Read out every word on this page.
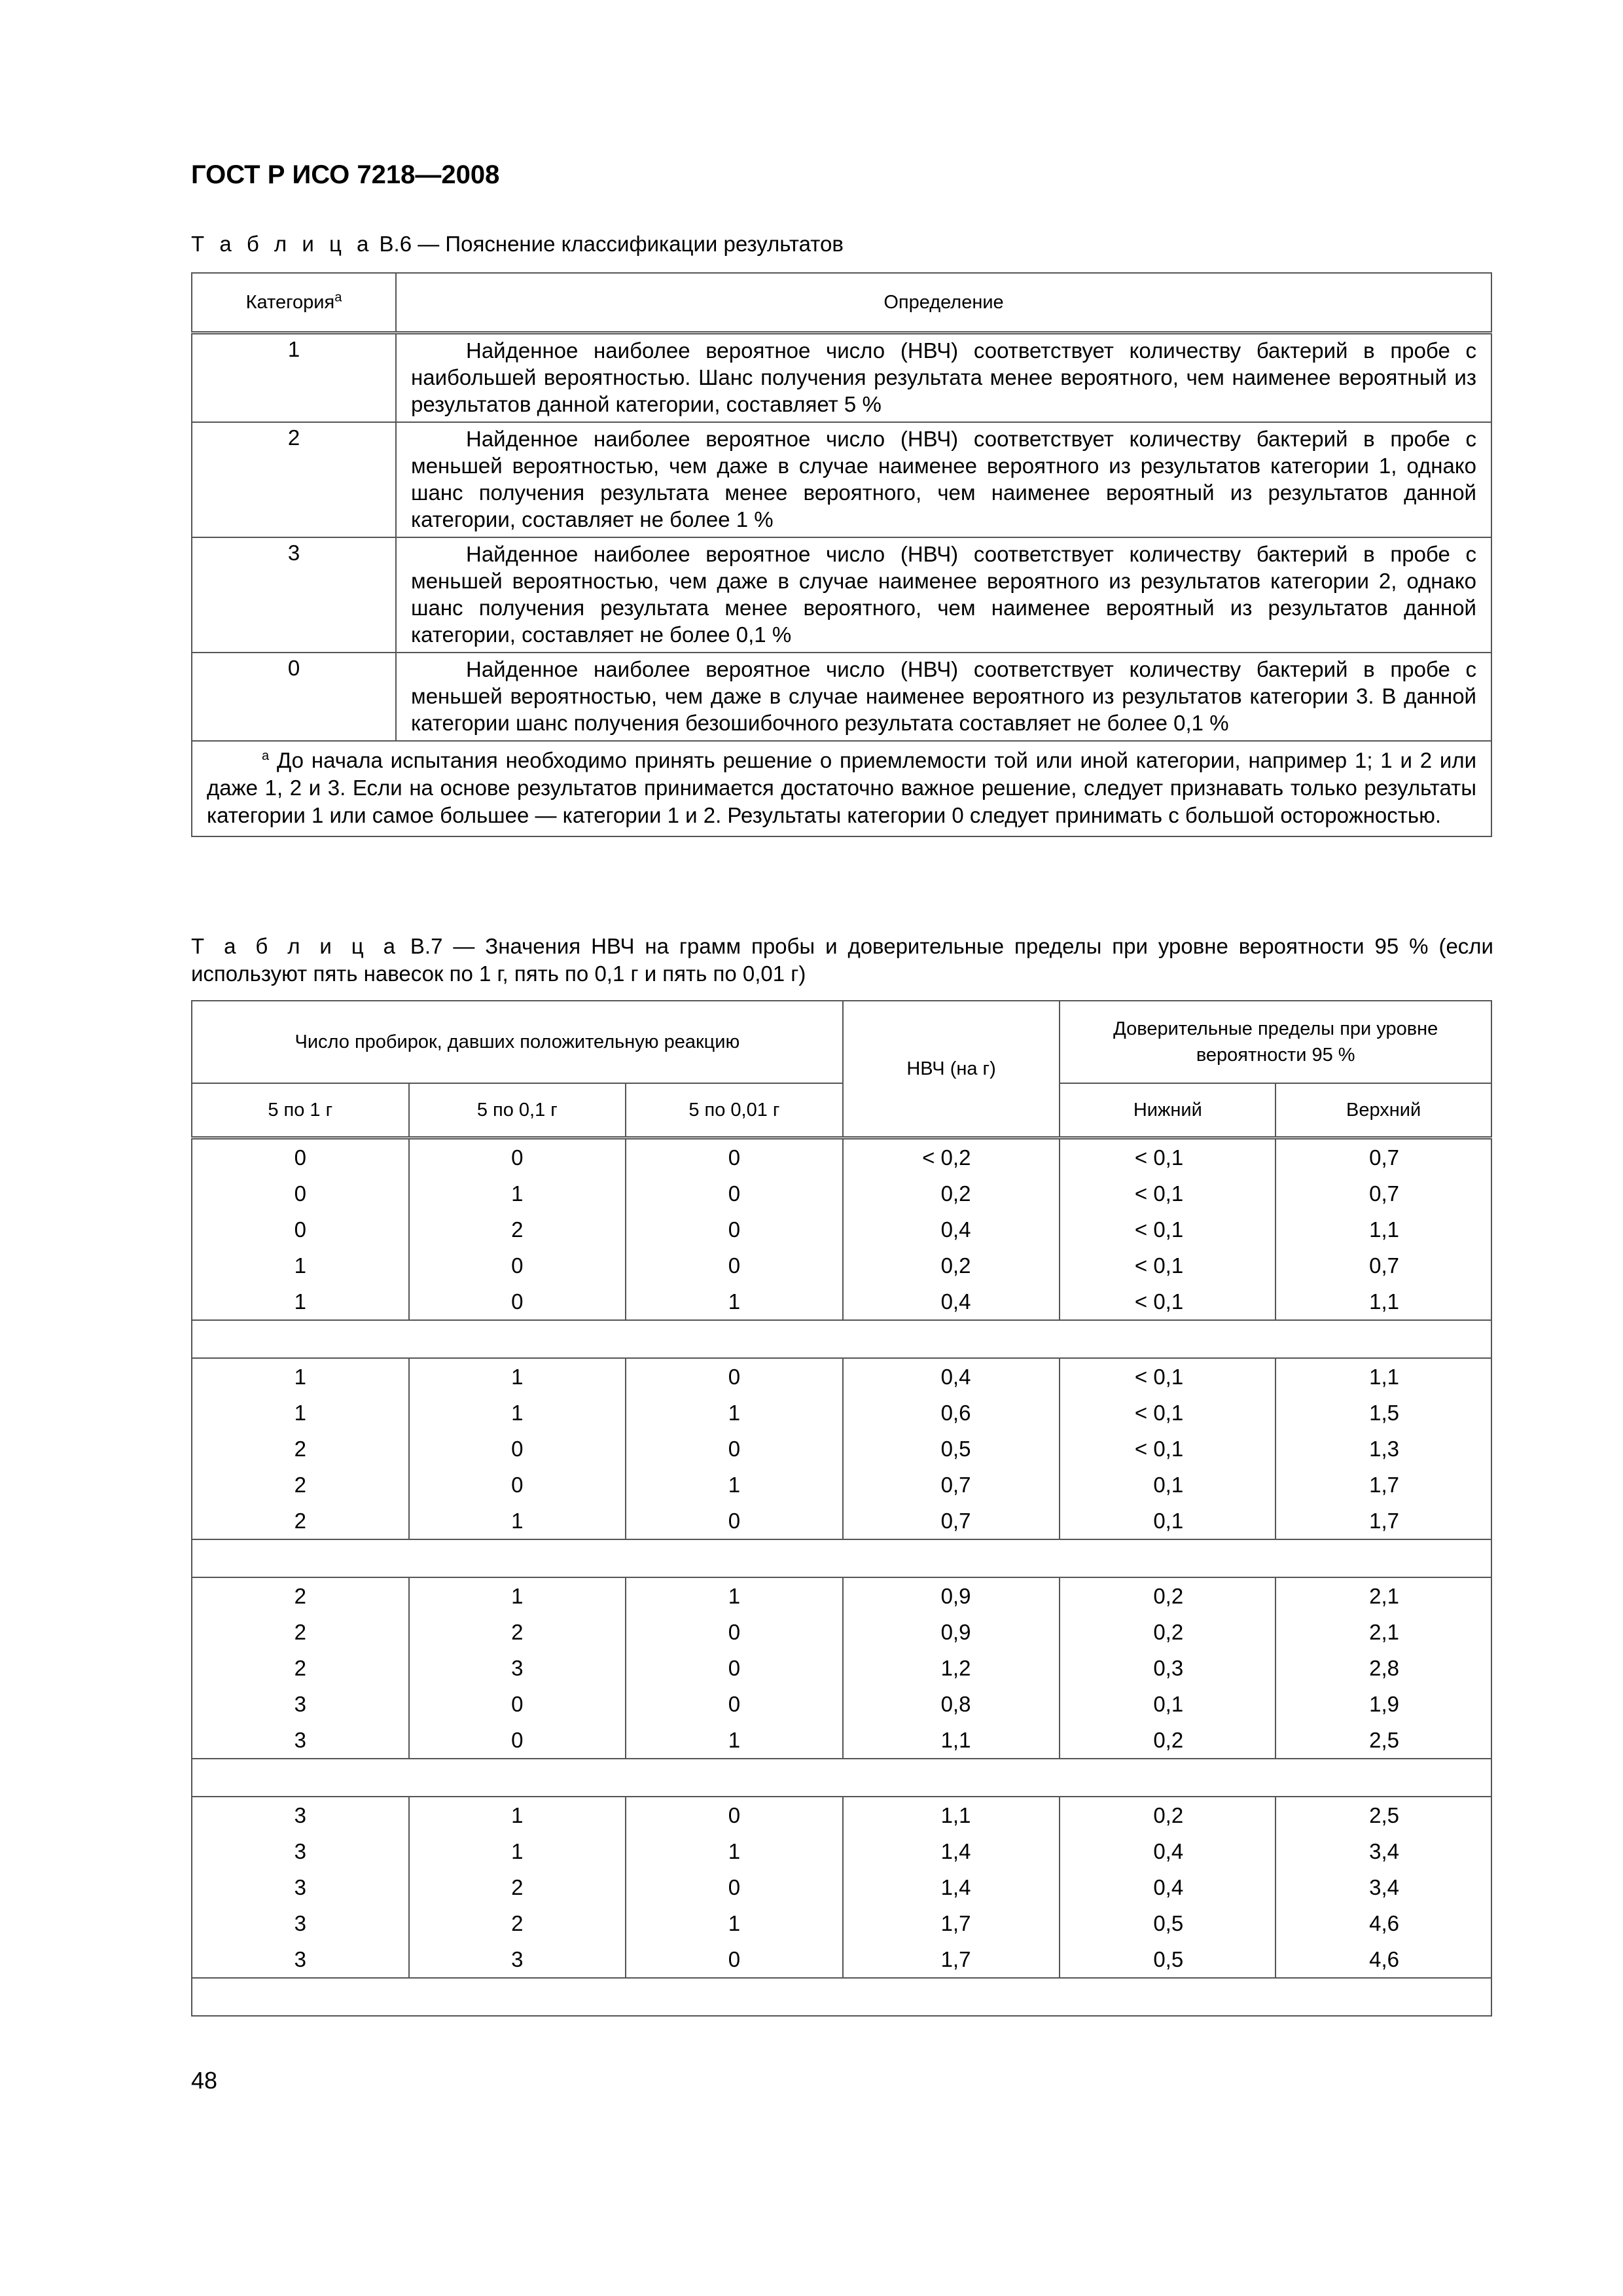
ГОСТ Р ИСО 7218—2008
Т а б л и ц а В.6 — Пояснение классификации результатов
Категория$^а$	Определение
1	Найденное наиболее вероятное число (НВЧ) соответствует количеству бактерий в пробе с наибольшей вероятностью. Шанс получения результата менее вероятного, чем наименее вероятный из результатов данной категории, составляет 5 %

2	Найденное наиболее вероятное число (НВЧ) соответствует количеству бактерий в пробе с меньшей вероятностью, чем даже в случае наименее вероятного из результатов категории 1, однако шанс получения результата менее вероятного, чем наименее вероятный из результатов данной категории, составляет не более 1 %

3	Найденное наиболее вероятное число (НВЧ) соответствует количеству бактерий в пробе с меньшей вероятностью, чем даже в случае наименее вероятного из результатов категории 2, однако шанс получения результата менее вероятного, чем наименее вероятный из результатов данной категории, составляет не более 0,1 %

0	Найденное наиболее вероятное число (НВЧ) соответствует количеству бактерий в пробе с меньшей вероятностью, чем даже в случае наименее вероятного из результатов категории 3. В данной категории шанс получения безошибочного результата составляет не более 0,1 %

$^а$ До начала испытания необходимо принять решение о приемлемости той или иной категории, например 1; 1 и 2 или даже 1, 2 и 3. Если на основе результатов принимается достаточно важное решение, следует признавать только результаты категории 1 или самое большее — категории 1 и 2. Результаты категории 0 следует принимать с большой осторожностью.	
Т а б л и ц а В.7 — Значения НВЧ на грамм пробы и доверительные пределы при уровне вероятности 95 % (если используют пять навесок по 1 г, пять по 0,1 г и пять по 0,01 г)
Число пробирок, давших положительную реакцию			НВЧ (на г)	Доверительные пределы при уровне вероятности 95 %	
5 по 1 г	5 по 0,1 г	5 по 0,01 г		Нижний	Верхний
0	0	0	< 0,2	< 0,1	0,7
0	1	0	0,2	< 0,1	0,7
0	2	0	0,4	< 0,1	1,1
1	0	0	0,2	< 0,1	0,7
1	0	1	0,4	< 0,1	1,1

1	1	0	0,4	< 0,1	1,1
1	1	1	0,6	< 0,1	1,5
2	0	0	0,5	< 0,1	1,3
2	0	1	0,7	0,1	1,7
2	1	0	0,7	0,1	1,7

2	1	1	0,9	0,2	2,1
2	2	0	0,9	0,2	2,1
2	3	0	1,2	0,3	2,8
3	0	0	0,8	0,1	1,9
3	0	1	1,1	0,2	2,5

3	1	0	1,1	0,2	2,5
3	1	1	1,4	0,4	3,4
3	2	0	1,4	0,4	3,4
3	2	1	1,7	0,5	4,6
3	3	0	1,7	0,5	4,6

48
